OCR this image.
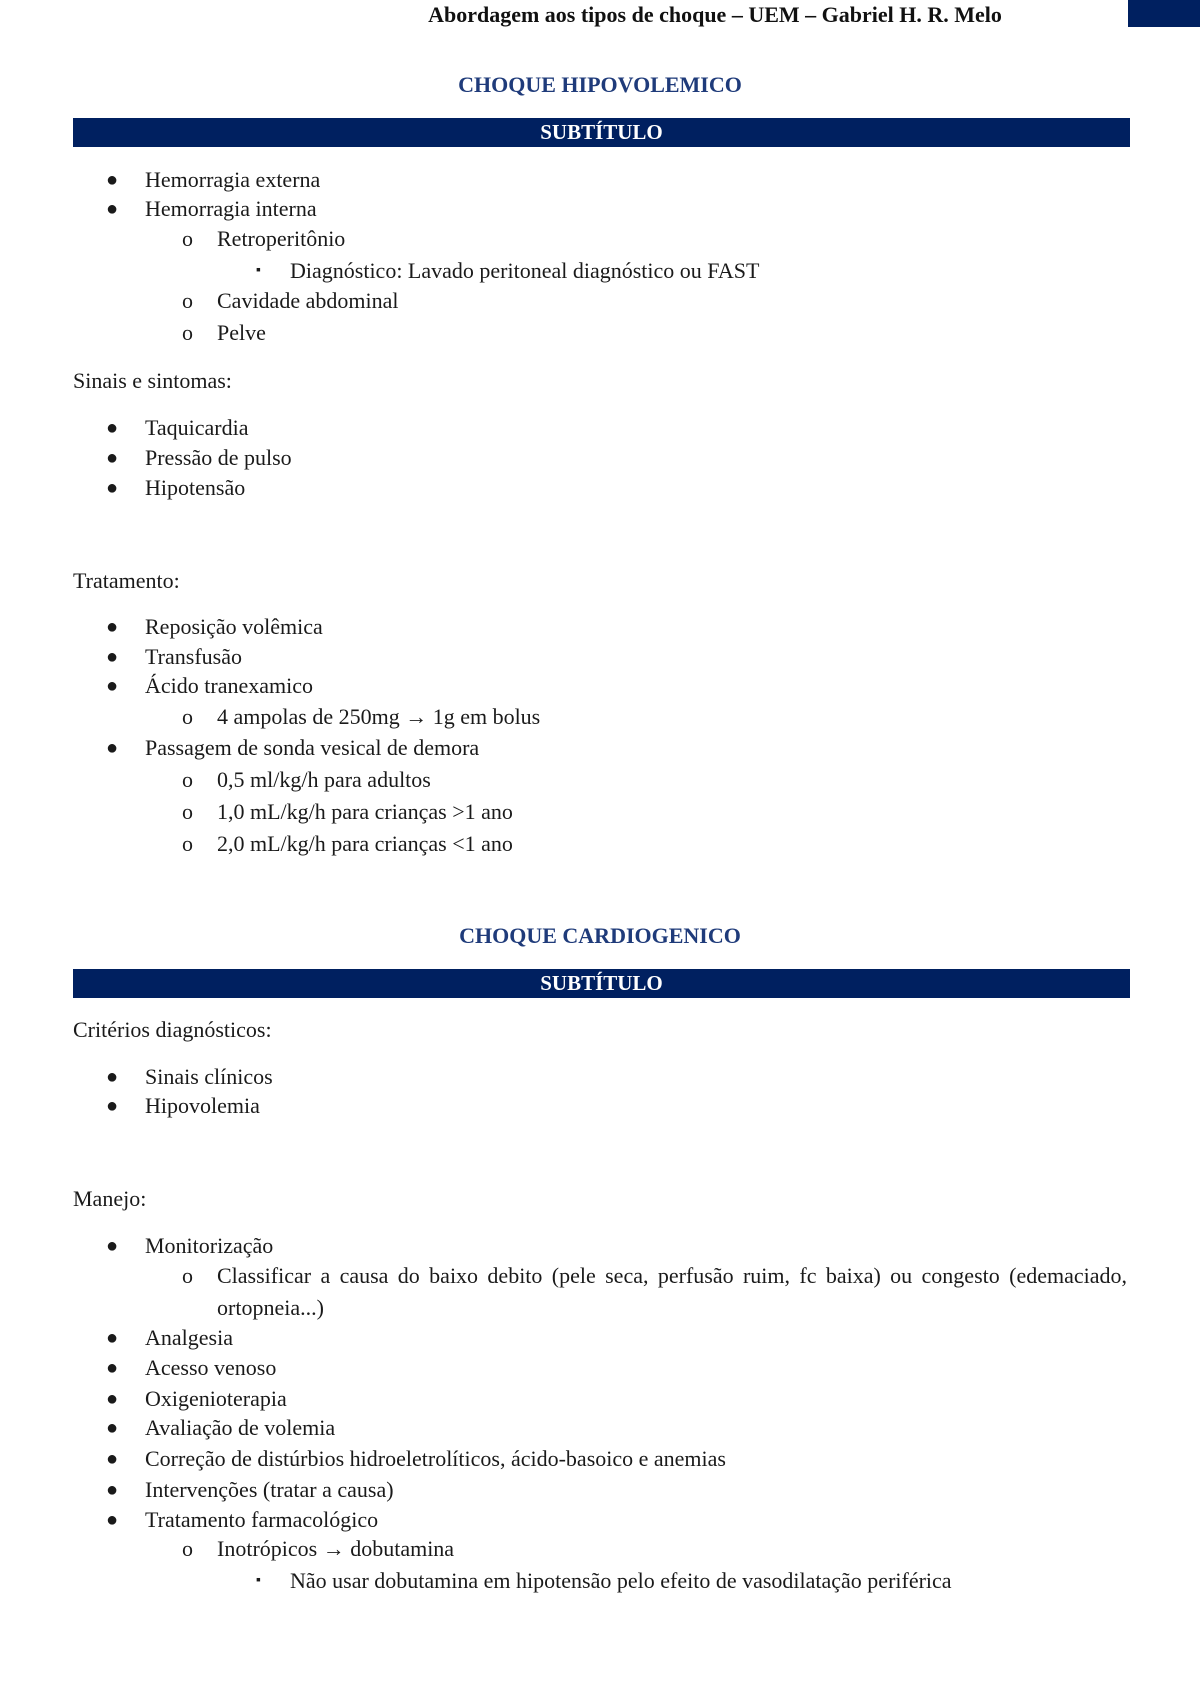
Abordagem aos tipos de choque – UEM – Gabriel H. R. Melo
CHOQUE HIPOVOLEMICO
SUBTÍTULO
● Hemorragia externa
● Hemorragia interna
o Retroperitônio
▪ Diagnóstico: Lavado peritoneal diagnóstico ou FAST
o Cavidade abdominal
o Pelve
Sinais e sintomas:
● Taquicardia
● Pressão de pulso
● Hipotensão
Tratamento:
● Reposição volêmica
● Transfusão
● Ácido tranexamico
o 4 ampolas de 250mg → 1g em bolus
● Passagem de sonda vesical de demora
o 0,5 ml/kg/h para adultos
o 1,0 mL/kg/h para crianças >1 ano
o 2,0 mL/kg/h para crianças <1 ano
CHOQUE CARDIOGENICO
SUBTÍTULO
Critérios diagnósticos:
● Sinais clínicos
● Hipovolemia
Manejo:
● Monitorização
o Classificar a causa do baixo debito (pele seca, perfusão ruim, fc baixa) ou congesto (edemaciado, ortopneia...)
● Analgesia
● Acesso venoso
● Oxigenioterapia
● Avaliação de volemia
● Correção de distúrbios hidroeletrolíticos, ácido-basoico e anemias
● Intervenções (tratar a causa)
● Tratamento farmacológico
o Inotrópicos → dobutamina
▪ Não usar dobutamina em hipotensão pelo efeito de vasodilatação periférica
